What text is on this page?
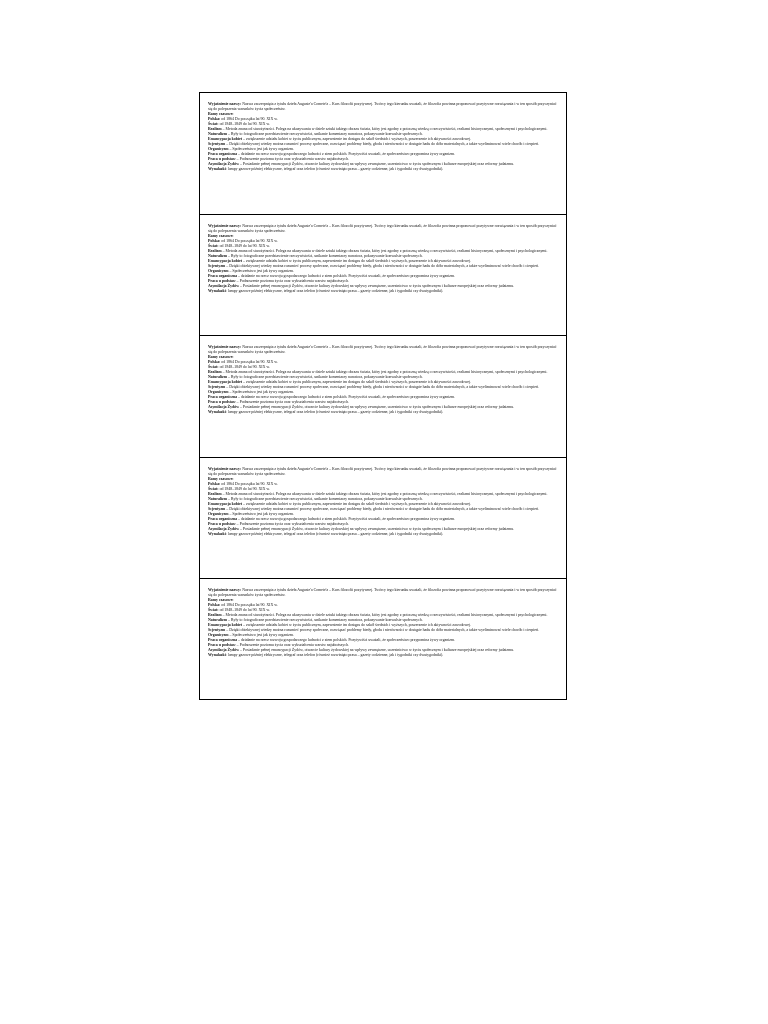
Wyjaśnienie nazwy: Nazwa zaczerpnięta z tytułu dzieła Auguste'a Comete'a – Kurs filozofii pozytywnej. Twórcy tego kierunku uważali, że filozofia powinna proponować pozytywne rozwiązania i w ten sposób przyczyniać się do polepszenia warunków życia społeczeństw.

Ramy czasowe:

Polska: od 1864 Do początku lat 90. XIX w.

Świat: od 1848–1849 do lat 90. XIX w.

Realizm – Metoda znana od starożytności. Polega na ukazywaniu w dziele sztuki takiego obrazu świata, który jest zgodny z potoczną wiedzą o rzeczywistości, realiami historycznymi, społecznymi i psychologicznymi.

Naturalizm – Były to fotograficzne przedstawienie rzeczywistości, unikanie komentarzy narratora, pokazywanie konwulsie społecznych.

Emancypacja kobiet – zwiększenie udziału kobiet w życiu publicznym, zapewnienie im dostępu do szkół średnich i wyższych, poszerzenie ich aktywności zawodowej.

Scjentyzm – Dzięki obiektywnej wiedzy można rozumieć procesy społeczne, rozwiązać problemy biedy, głodu i nierówności w dostępie hadu do dóbr materialnych, a także wyeliminować wiele chorób i cierpień.

Organicyzm – Społeczeństwo jest jak żywy organizm.

Praca organiczna – działanie na rzecz rozwoju gospodarczego ludności z ziem polskich. Pozytywiści uważali, że społeczeństwo przypomina żywy organizm.

Praca u podstaw – Podnoszenie poziomu życia oraz wykształcenia warstw najuboższych.

Asymilacja Żydów – Posiadanie pełnej emancypacji Żydów, otwarcie kultury żydowskiej na wpływy zewnętrzne, uczestnictwo w życiu społecznym i kulturze europejskiej oraz reformy judaizmu.

Wynalazki: lampy gazowe później elektryczne, telegraf oraz telefon (również rozwinięto prasa – gazety codzienne, jak i tygodniki czy dwutygodniki).

Wyjaśnienie nazwy: Nazwa zaczerpnięta z tytułu dzieła Auguste'a Comete'a – Kurs filozofii pozytywnej. Twórcy tego kierunku uważali, że filozofia powinna proponować pozytywne rozwiązania i w ten sposób przyczyniać się do polepszenia warunków życia społeczeństw.

Ramy czasowe:

Polska: od 1864 Do początku lat 90. XIX w.

Świat: od 1848–1849 do lat 90. XIX w.

Realizm – Metoda znana od starożytności. Polega na ukazywaniu w dziele sztuki takiego obrazu świata, który jest zgodny z potoczną wiedzą o rzeczywistości, realiami historycznymi, społecznymi i psychologicznymi.

Naturalizm – Były to fotograficzne przedstawienie rzeczywistości, unikanie komentarzy narratora, pokazywanie konwulsie społecznych.

Emancypacja kobiet – zwiększenie udziału kobiet w życiu publicznym, zapewnienie im dostępu do szkół średnich i wyższych, poszerzenie ich aktywności zawodowej.

Scjentyzm – Dzięki obiektywnej wiedzy można rozumieć procesy społeczne, rozwiązać problemy biedy, głodu i nierówności w dostępie hadu do dóbr materialnych, a także wyeliminować wiele chorób i cierpień.

Organicyzm – Społeczeństwo jest jak żywy organizm.

Praca organiczna – działanie na rzecz rozwoju gospodarczego ludności z ziem polskich. Pozytywiści uważali, że społeczeństwo przypomina żywy organizm.

Praca u podstaw – Podnoszenie poziomu życia oraz wykształcenia warstw najuboższych.

Asymilacja Żydów – Posiadanie pełnej emancypacji Żydów, otwarcie kultury żydowskiej na wpływy zewnętrzne, uczestnictwo w życiu społecznym i kulturze europejskiej oraz reformy judaizmu.

Wynalazki: lampy gazowe później elektryczne, telegraf oraz telefon (również rozwinięto prasa – gazety codzienne, jak i tygodniki czy dwutygodniki).

Wyjaśnienie nazwy: Nazwa zaczerpnięta z tytułu dzieła Auguste'a Comete'a – Kurs filozofii pozytywnej. Twórcy tego kierunku uważali, że filozofia powinna proponować pozytywne rozwiązania i w ten sposób przyczyniać się do polepszenia warunków życia społeczeństw.

Ramy czasowe:

Polska: od 1864 Do początku lat 90. XIX w.

Świat: od 1848–1849 do lat 90. XIX w.

Realizm – Metoda znana od starożytności. Polega na ukazywaniu w dziele sztuki takiego obrazu świata, który jest zgodny z potoczną wiedzą o rzeczywistości, realiami historycznymi, społecznymi i psychologicznymi.

Naturalizm – Były to fotograficzne przedstawienie rzeczywistości, unikanie komentarzy narratora, pokazywanie konwulsie społecznych.

Emancypacja kobiet – zwiększenie udziału kobiet w życiu publicznym, zapewnienie im dostępu do szkół średnich i wyższych, poszerzenie ich aktywności zawodowej.

Scjentyzm – Dzięki obiektywnej wiedzy można rozumieć procesy społeczne, rozwiązać problemy biedy, głodu i nierówności w dostępie hadu do dóbr materialnych, a także wyeliminować wiele chorób i cierpień.

Organicyzm – Społeczeństwo jest jak żywy organizm.

Praca organiczna – działanie na rzecz rozwoju gospodarczego ludności z ziem polskich. Pozytywiści uważali, że społeczeństwo przypomina żywy organizm.

Praca u podstaw – Podnoszenie poziomu życia oraz wykształcenia warstw najuboższych.

Asymilacja Żydów – Posiadanie pełnej emancypacji Żydów, otwarcie kultury żydowskiej na wpływy zewnętrzne, uczestnictwo w życiu społecznym i kulturze europejskiej oraz reformy judaizmu.

Wynalazki: lampy gazowe później elektryczne, telegraf oraz telefon (również rozwinięto prasa – gazety codzienne, jak i tygodniki czy dwutygodniki).

Wyjaśnienie nazwy: Nazwa zaczerpnięta z tytułu dzieła Auguste'a Comete'a – Kurs filozofii pozytywnej. Twórcy tego kierunku uważali, że filozofia powinna proponować pozytywne rozwiązania i w ten sposób przyczyniać się do polepszenia warunków życia społeczeństw.

Ramy czasowe:

Polska: od 1864 Do początku lat 90. XIX w.

Świat: od 1848–1849 do lat 90. XIX w.

Realizm – Metoda znana od starożytności. Polega na ukazywaniu w dziele sztuki takiego obrazu świata, który jest zgodny z potoczną wiedzą o rzeczywistości, realiami historycznymi, społecznymi i psychologicznymi.

Naturalizm – Były to fotograficzne przedstawienie rzeczywistości, unikanie komentarzy narratora, pokazywanie konwulsie społecznych.

Emancypacja kobiet – zwiększenie udziału kobiet w życiu publicznym, zapewnienie im dostępu do szkół średnich i wyższych, poszerzenie ich aktywności zawodowej.

Scjentyzm – Dzięki obiektywnej wiedzy można rozumieć procesy społeczne, rozwiązać problemy biedy, głodu i nierówności w dostępie hadu do dóbr materialnych, a także wyeliminować wiele chorób i cierpień.

Organicyzm – Społeczeństwo jest jak żywy organizm.

Praca organiczna – działanie na rzecz rozwoju gospodarczego ludności z ziem polskich. Pozytywiści uważali, że społeczeństwo przypomina żywy organizm.

Praca u podstaw – Podnoszenie poziomu życia oraz wykształcenia warstw najuboższych.

Asymilacja Żydów – Posiadanie pełnej emancypacji Żydów, otwarcie kultury żydowskiej na wpływy zewnętrzne, uczestnictwo w życiu społecznym i kulturze europejskiej oraz reformy judaizmu.

Wynalazki: lampy gazowe później elektryczne, telegraf oraz telefon (również rozwinięto prasa – gazety codzienne, jak i tygodniki czy dwutygodniki).

Wyjaśnienie nazwy: Nazwa zaczerpnięta z tytułu dzieła Auguste'a Comete'a – Kurs filozofii pozytywnej. Twórcy tego kierunku uważali, że filozofia powinna proponować pozytywne rozwiązania i w ten sposób przyczyniać się do polepszenia warunków życia społeczeństw.

Ramy czasowe:

Polska: od 1864 Do początku lat 90. XIX w.

Świat: od 1848–1849 do lat 90. XIX w.

Realizm – Metoda znana od starożytności. Polega na ukazywaniu w dziele sztuki takiego obrazu świata, który jest zgodny z potoczną wiedzą o rzeczywistości, realiami historycznymi, społecznymi i psychologicznymi.

Naturalizm – Były to fotograficzne przedstawienie rzeczywistości, unikanie komentarzy narratora, pokazywanie konwulsie społecznych.

Emancypacja kobiet – zwiększenie udziału kobiet w życiu publicznym, zapewnienie im dostępu do szkół średnich i wyższych, poszerzenie ich aktywności zawodowej.

Scjentyzm – Dzięki obiektywnej wiedzy można rozumieć procesy społeczne, rozwiązać problemy biedy, głodu i nierówności w dostępie hadu do dóbr materialnych, a także wyeliminować wiele chorób i cierpień.

Organicyzm – Społeczeństwo jest jak żywy organizm.

Praca organiczna – działanie na rzecz rozwoju gospodarczego ludności z ziem polskich. Pozytywiści uważali, że społeczeństwo przypomina żywy organizm.

Praca u podstaw – Podnoszenie poziomu życia oraz wykształcenia warstw najuboższych.

Asymilacja Żydów – Posiadanie pełnej emancypacji Żydów, otwarcie kultury żydowskiej na wpływy zewnętrzne, uczestnictwo w życiu społecznym i kulturze europejskiej oraz reformy judaizmu.

Wynalazki: lampy gazowe później elektryczne, telegraf oraz telefon (również rozwinięto prasa – gazety codzienne, jak i tygodniki czy dwutygodniki).
